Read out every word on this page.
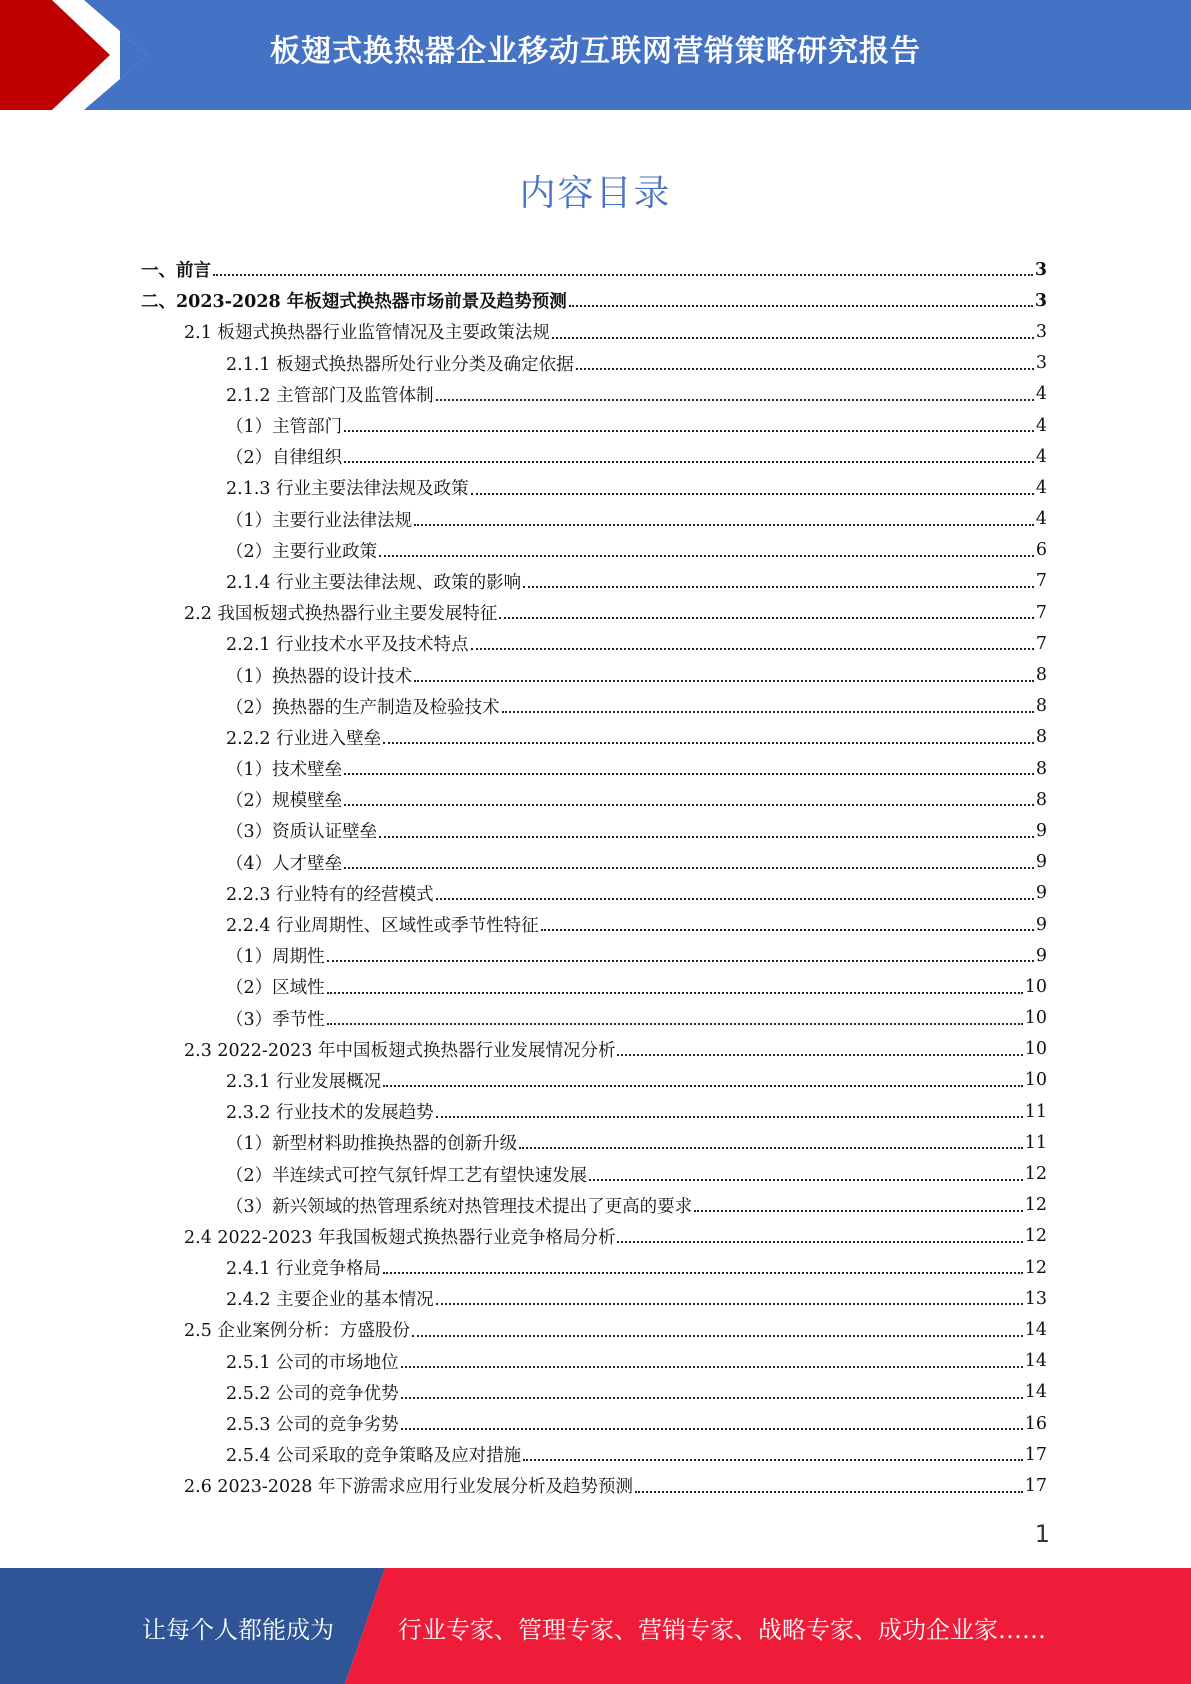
板翅式换热器企业移动互联网营销策略研究报告
内容目录
一、前言	3
二、2023-2028 年板翅式换热器市场前景及趋势预测	3
2.1 板翅式换热器行业监管情况及主要政策法规	3
2.1.1 板翅式换热器所处行业分类及确定依据	3
2.1.2 主管部门及监管体制	4
（1）主管部门	4
（2）自律组织	4
2.1.3 行业主要法律法规及政策	4
（1）主要行业法律法规	4
（2）主要行业政策	6
2.1.4 行业主要法律法规、政策的影响	7
2.2 我国板翅式换热器行业主要发展特征	7
2.2.1 行业技术水平及技术特点	7
（1）换热器的设计技术	8
（2）换热器的生产制造及检验技术	8
2.2.2 行业进入壁垒	8
（1）技术壁垒	8
（2）规模壁垒	8
（3）资质认证壁垒	9
（4）人才壁垒	9
2.2.3 行业特有的经营模式	9
2.2.4 行业周期性、区域性或季节性特征	9
（1）周期性	9
（2）区域性	10
（3）季节性	10
2.3 2022-2023 年中国板翅式换热器行业发展情况分析	10
2.3.1 行业发展概况	10
2.3.2 行业技术的发展趋势	11
（1）新型材料助推换热器的创新升级	11
（2）半连续式可控气氛钎焊工艺有望快速发展	12
（3）新兴领域的热管理系统对热管理技术提出了更高的要求	12
2.4 2022-2023 年我国板翅式换热器行业竞争格局分析	12
2.4.1 行业竞争格局	12
2.4.2 主要企业的基本情况	13
2.5 企业案例分析：方盛股份	14
2.5.1 公司的市场地位	14
2.5.2 公司的竞争优势	14
2.5.3 公司的竞争劣势	16
2.5.4 公司采取的竞争策略及应对措施	17
2.6 2023-2028 年下游需求应用行业发展分析及趋势预测	17
1
让每个人都能成为	行业专家、管理专家、营销专家、战略专家、成功企业家……
